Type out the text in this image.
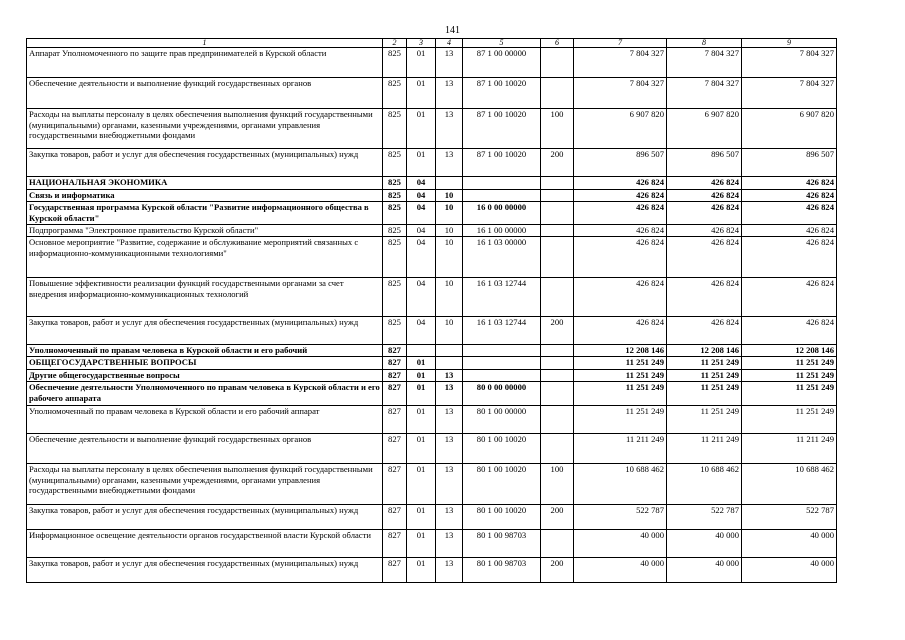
141
1	2	3	4	5	6	7	8	9
Аппарат Уполномоченного по защите прав предпринимателей в Курской области	825	01	13	87 1 00 00000		7 804 327	7 804 327	7 804 327
Обеспечение деятельности и выполнение функций государственных органов	825	01	13	87 1 00 10020		7 804 327	7 804 327	7 804 327
Расходы на выплаты персоналу в целях обеспечения выполнения функций государственными (муниципальными) органами, казенными учреждениями, органами управления государственными внебюджетными фондами	825	01	13	87 1 00 10020	100	6 907 820	6 907 820	6 907 820
Закупка товаров, работ и услуг для обеспечения государственных (муниципальных) нужд	825	01	13	87 1 00 10020	200	896 507	896 507	896 507
НАЦИОНАЛЬНАЯ ЭКОНОМИКА	825	04				426 824	426 824	426 824
Связь и информатика	825	04	10			426 824	426 824	426 824
Государственная программа Курской области "Развитие информационного общества в Курской области"	825	04	10	16 0 00 00000		426 824	426 824	426 824
Подпрограмма "Электронное правительство Курской области"	825	04	10	16 1 00 00000		426 824	426 824	426 824
Основное мероприятие "Развитие, содержание и обслуживание мероприятий связанных с информационно-коммуникационными технологиями"	825	04	10	16 1 03 00000		426 824	426 824	426 824
Повышение эффективности реализации функций государственными органами за счет внедрения информационно-коммуникационных технологий	825	04	10	16 1 03 12744		426 824	426 824	426 824
Закупка товаров, работ и услуг для обеспечения государственных (муниципальных) нужд	825	04	10	16 1 03 12744	200	426 824	426 824	426 824
Уполномоченный по правам человека в Курской области и его рабочий	827					12 208 146	12 208 146	12 208 146
ОБЩЕГОСУДАРСТВЕННЫЕ ВОПРОСЫ	827	01				11 251 249	11 251 249	11 251 249
Другие общегосударственные вопросы	827	01	13			11 251 249	11 251 249	11 251 249
Обеспечение деятельности Уполномоченного по правам человека в Курской области и его рабочего аппарата	827	01	13	80 0 00 00000		11 251 249	11 251 249	11 251 249
Уполномоченный по правам человека в Курской области и его рабочий аппарат	827	01	13	80 1 00 00000		11 251 249	11 251 249	11 251 249
Обеспечение деятельности и выполнение функций государственных органов	827	01	13	80 1 00 10020		11 211 249	11 211 249	11 211 249
Расходы на выплаты персоналу в целях обеспечения выполнения функций государственными (муниципальными) органами, казенными учреждениями, органами управления государственными внебюджетными фондами	827	01	13	80 1 00 10020	100	10 688 462	10 688 462	10 688 462
Закупка товаров, работ и услуг для обеспечения государственных (муниципальных) нужд	827	01	13	80 1 00 10020	200	522 787	522 787	522 787
Информационное освещение деятельности органов государственной власти Курской области	827	01	13	80 1 00 98703		40 000	40 000	40 000
Закупка товаров, работ и услуг для обеспечения государственных (муниципальных) нужд	827	01	13	80 1 00 98703	200	40 000	40 000	40 000
